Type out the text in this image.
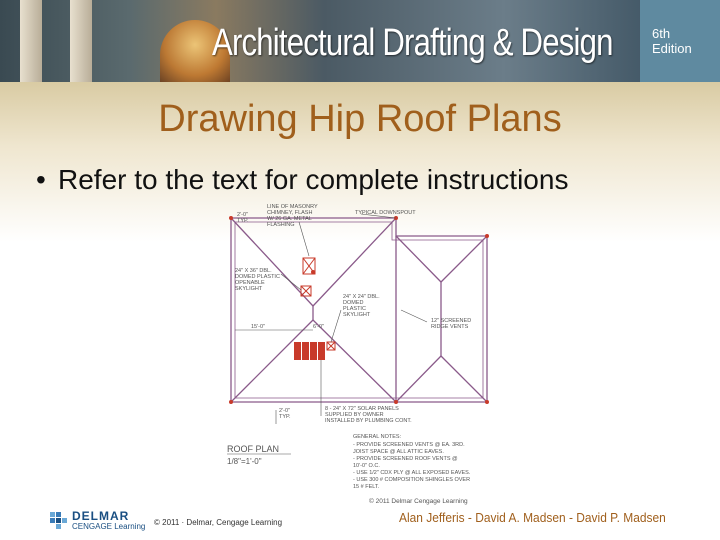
Architectural Drafting & Design	6th
Edition
Drawing Hip Roof Plans
• Refer to the text for complete instructions
2'-0" TYP.
LINE OF MASONRY CHIMNEY, FLASH W/ 26 GA. METAL FLASHING
TYPICAL DOWNSPOUT
24" X 36" DBL. DOMED PLASTIC OPENABLE SKYLIGHT
24" X 24" DBL. DOMED PLASTIC SKYLIGHT
12" SCREENED RIDGE VENTS
15'-0"	6'-0"
2'-0" TYP.
8 - 24" X 72" SOLAR PANELS SUPPLIED BY OWNER INSTALLED BY PLUMBING CONT.
ROOF PLAN
1/8"=1'-0"
GENERAL NOTES:
- PROVIDE SCREENED VENTS @ EA. 3RD.
JOIST SPACE @ ALL ATTIC EAVES.
- PROVIDE SCREENED ROOF VENTS @
10'-0" O.C.
- USE 1/2" CDX PLY @ ALL EXPOSED EAVES.
- USE 300 # COMPOSITION SHINGLES OVER
15 # FELT.
© 2011 Delmar Cengage Learning
DELMAR
CENGAGE Learning © 2011 · Delmar, Cengage Learning	Alan Jefferis - David A. Madsen - David P. Madsen
